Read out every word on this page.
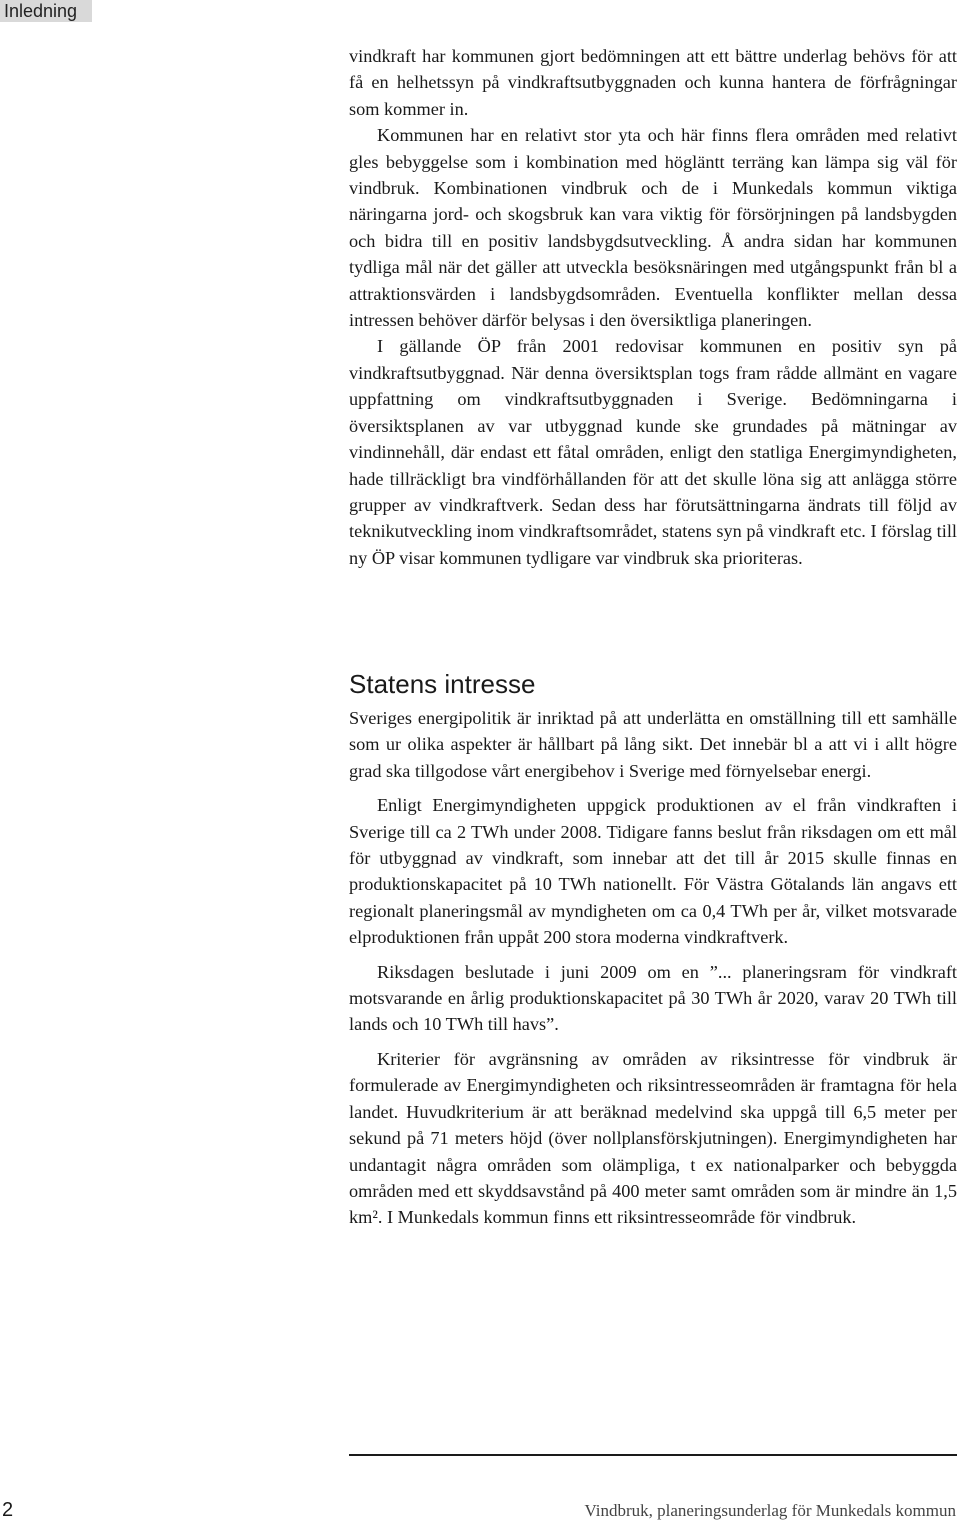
Inledning

vindkraft har kommunen gjort bedömningen att ett bättre underlag behövs för att få en helhetssyn på vindkraftsutbyggnaden och kunna hantera de förfrågningar som kommer in.

Kommunen har en relativt stor yta och här finns flera områden med relativt gles bebyggelse som i kombination med högläntt terräng kan lämpa sig väl för vindbruk. Kombinationen vindbruk och de i Munkedals kommun viktiga näringarna jord- och skogsbruk kan vara viktig för försörjningen på landsbygden och bidra till en positiv landsbygdsutveckling. Å andra sidan har kommunen tydliga mål när det gäller att utveckla besöksnäringen med utgångspunkt från bl a attraktionsvärden i landsbygdsområden. Eventuella konflikter mellan dessa intressen behöver därför belysas i den översiktliga planeringen.

I gällande ÖP från 2001 redovisar kommunen en positiv syn på vindkraftsutbyggnad. När denna översiktsplan togs fram rådde allmänt en vagare uppfattning om vindkraftsutbyggnaden i Sverige. Bedömningarna i översiktsplanen av var utbyggnad kunde ske grundades på mätningar av vindinnehåll, där endast ett fåtal områden, enligt den statliga Energimyndigheten, hade tillräckligt bra vindförhållanden för att det skulle löna sig att anlägga större grupper av vindkraftverk. Sedan dess har förutsättningarna ändrats till följd av teknikutveckling inom vindkraftsområdet, statens syn på vindkraft etc. I förslag till ny ÖP visar kommunen tydligare var vindbruk ska prioriteras.

Statens intresse

Sveriges energipolitik är inriktad på att underlätta en omställning till ett samhälle som ur olika aspekter är hållbart på lång sikt. Det innebär bl a att vi i allt högre grad ska tillgodose vårt energibehov i Sverige med förnyelsebar energi.

Enligt Energimyndigheten uppgick produktionen av el från vindkraften i Sverige till ca 2 TWh under 2008. Tidigare fanns beslut från riksdagen om ett mål för utbyggnad av vindkraft, som innebar att det till år 2015 skulle finnas en produktionskapacitet på 10 TWh nationellt. För Västra Götalands län angavs ett regionalt planeringsmål av myndigheten om ca 0,4 TWh per år, vilket motsvarade elproduktionen från uppåt 200 stora moderna vindkraftverk.

Riksdagen beslutade i juni 2009 om en ”... planeringsram för vindkraft motsvarande en årlig produktionskapacitet på 30 TWh år 2020, varav 20 TWh till lands och 10 TWh till havs”.

Kriterier för avgränsning av områden av riksintresse för vindbruk är formulerade av Energimyndigheten och riksintresseområden är framtagna för hela landet. Huvudkriterium är att beräknad medelvind ska uppgå till 6,5 meter per sekund på 71 meters höjd (över nollplansförskjutningen). Energimyndigheten har undantagit några områden som olämpliga, t ex nationalparker och bebyggda områden med ett skyddsavstånd på 400 meter samt områden som är mindre än 1,5 km². I Munkedals kommun finns ett riksintresseområde för vindbruk.

2	Vindbruk, planeringsunderlag för Munkedals kommun
